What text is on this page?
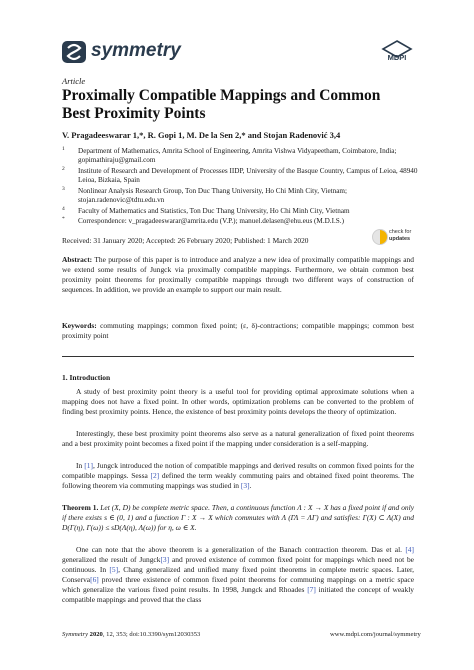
symmetry	MDPI
Article
Proximally Compatible Mappings and Common Best Proximity Points
V. Pragadeeswarar 1,*, R. Gopi 1, M. De la Sen 2,* and Stojan Radenović 3,4
1 Department of Mathematics, Amrita School of Engineering, Amrita Vishwa Vidyapeetham, Coimbatore, India; gopimathiraju@gmail.com
2 Institute of Research and Development of Processes IIDP, University of the Basque Country, Campus of Leioa, 48940 Leioa, Bizkaia, Spain
3 Nonlinear Analysis Research Group, Ton Duc Thang University, Ho Chi Minh City, Vietnam; stojan.radenovic@tdtu.edu.vn
4 Faculty of Mathematics and Statistics, Ton Duc Thang University, Ho Chi Minh City, Vietnam
* Correspondence: v_pragadeeswarar@amrita.edu (V.P.); manuel.delasen@ehu.eus (M.D.I.S.)
Received: 31 January 2020; Accepted: 26 February 2020; Published: 1 March 2020
check for
updates
Abstract: The purpose of this paper is to introduce and analyze a new idea of proximally compatible mappings and we extend some results of Jungck via proximally compatible mappings. Furthermore, we obtain common best proximity point theorems for proximally compatible mappings through two different ways of construction of sequences. In addition, we provide an example to support our main result.
Keywords: commuting mappings; common fixed point; (ε, δ)-contractions; compatible mappings; common best proximity point
1. Introduction
A study of best proximity point theory is a useful tool for providing optimal approximate solutions when a mapping does not have a fixed point. In other words, optimization problems can be converted to the problem of finding best proximity points. Hence, the existence of best proximity points develops the theory of optimization.
Interestingly, these best proximity point theorems also serve as a natural generalization of fixed point theorems and a best proximity point becomes a fixed point if the mapping under consideration is a self-mapping.
In [1], Jungck introduced the notion of compatible mappings and derived results on common fixed points for the compatible mappings. Sessa [2] defined the term weakly commuting pairs and obtained fixed point theorems. The following theorem via commuting mappings was studied in [3].
Theorem 1. Let (X, D) be complete metric space. Then, a continuous function Λ : X → X has a fixed point if and only if there exists s ∈ (0, 1) and a function Γ : X → X which commutes with Λ (ΓΛ = ΛΓ) and satisfies: Γ(X) ⊂ Λ(X) and D(Γ(η), Γ(ω)) ≤ sD(Λ(η), Λ(ω)) for η, ω ∈ X.
One can note that the above theorem is a generalization of the Banach contraction theorem. Das et al. [4] generalized the result of Jungck[3] and proved existence of common fixed point for mappings which need not be continuous. In [5], Chang generalized and unified many fixed point theorems in complete metric spaces. Later, Conserva[6] proved three existence of common fixed point theorems for commuting mappings on a metric space which generalize the various fixed point results. In 1998, Jungck and Rhoades [7] initiated the concept of weakly compatible mappings and proved that the class
Symmetry 2020, 12, 353; doi:10.3390/sym12030353	www.mdpi.com/journal/symmetry
